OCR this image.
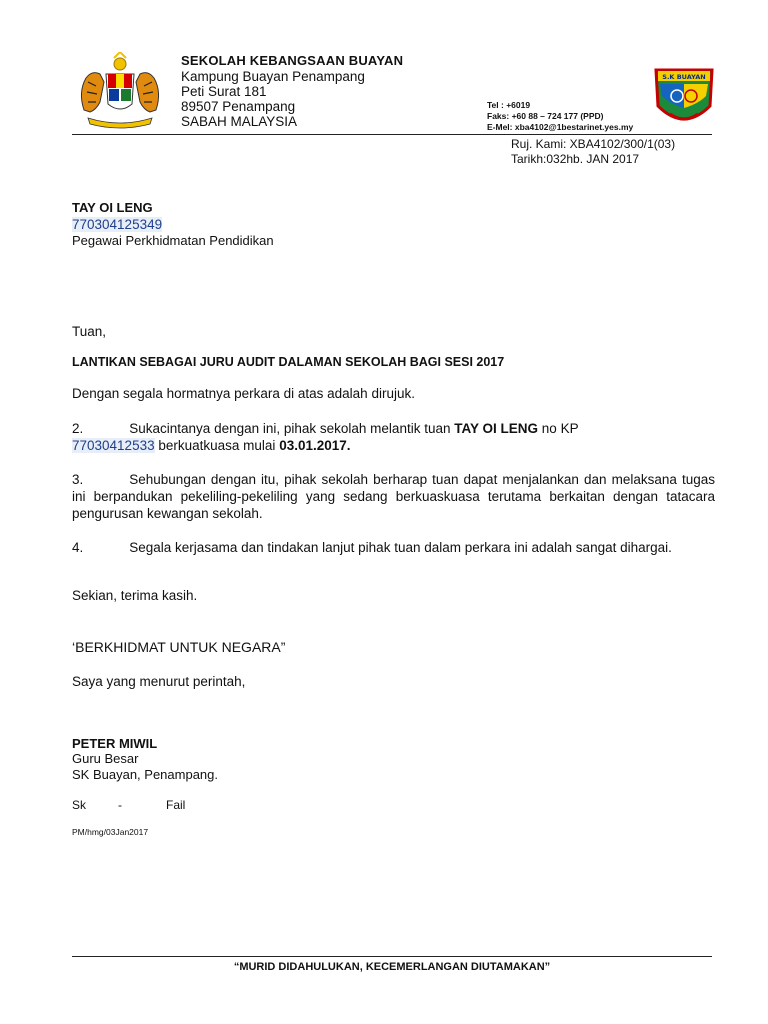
SEKOLAH KEBANGSAAN BUAYAN
Kampung Buayan Penampang
Peti Surat 181
89507 Penampang
SABAH MALAYSIA
Tel : +6019
Faks: +60 88 – 724 177 (PPD)
E-Mel: xba4102@1bestarinet.yes.my
S.K BUAYAN
Ruj. Kami: XBA4102/300/1(03)
Tarikh:032hb. JAN 2017
TAY OI LENG
770304125349
Pegawai Perkhidmatan Pendidikan
Tuan,
LANTIKAN SEBAGAI JURU AUDIT DALAMAN SEKOLAH BAGI SESI 2017
Dengan segala hormatnya perkara di atas adalah dirujuk.
2.	Sukacintanya dengan ini, pihak sekolah melantik tuan TAY OI LENG no KP
77030412533 berkuatkuasa mulai 03.01.2017.
3.	Sehubungan dengan itu, pihak sekolah berharap tuan dapat menjalankan dan melaksana tugas ini berpandukan pekeliling-pekeliling yang sedang berkuaskuasa terutama berkaitan dengan tatacara pengurusan kewangan sekolah.
4.	Segala kerjasama dan tindakan lanjut pihak tuan dalam perkara ini adalah sangat dihargai.
Sekian, terima kasih.
‘BERKHIDMAT UNTUK NEGARA”
Saya yang menurut perintah,
PETER MIWIL
Guru Besar
SK Buayan, Penampang.
Sk	-	Fail
PM/hmg/03Jan2017
“MURID DIDAHULUKAN, KECEMERLANGAN DIUTAMAKAN”
